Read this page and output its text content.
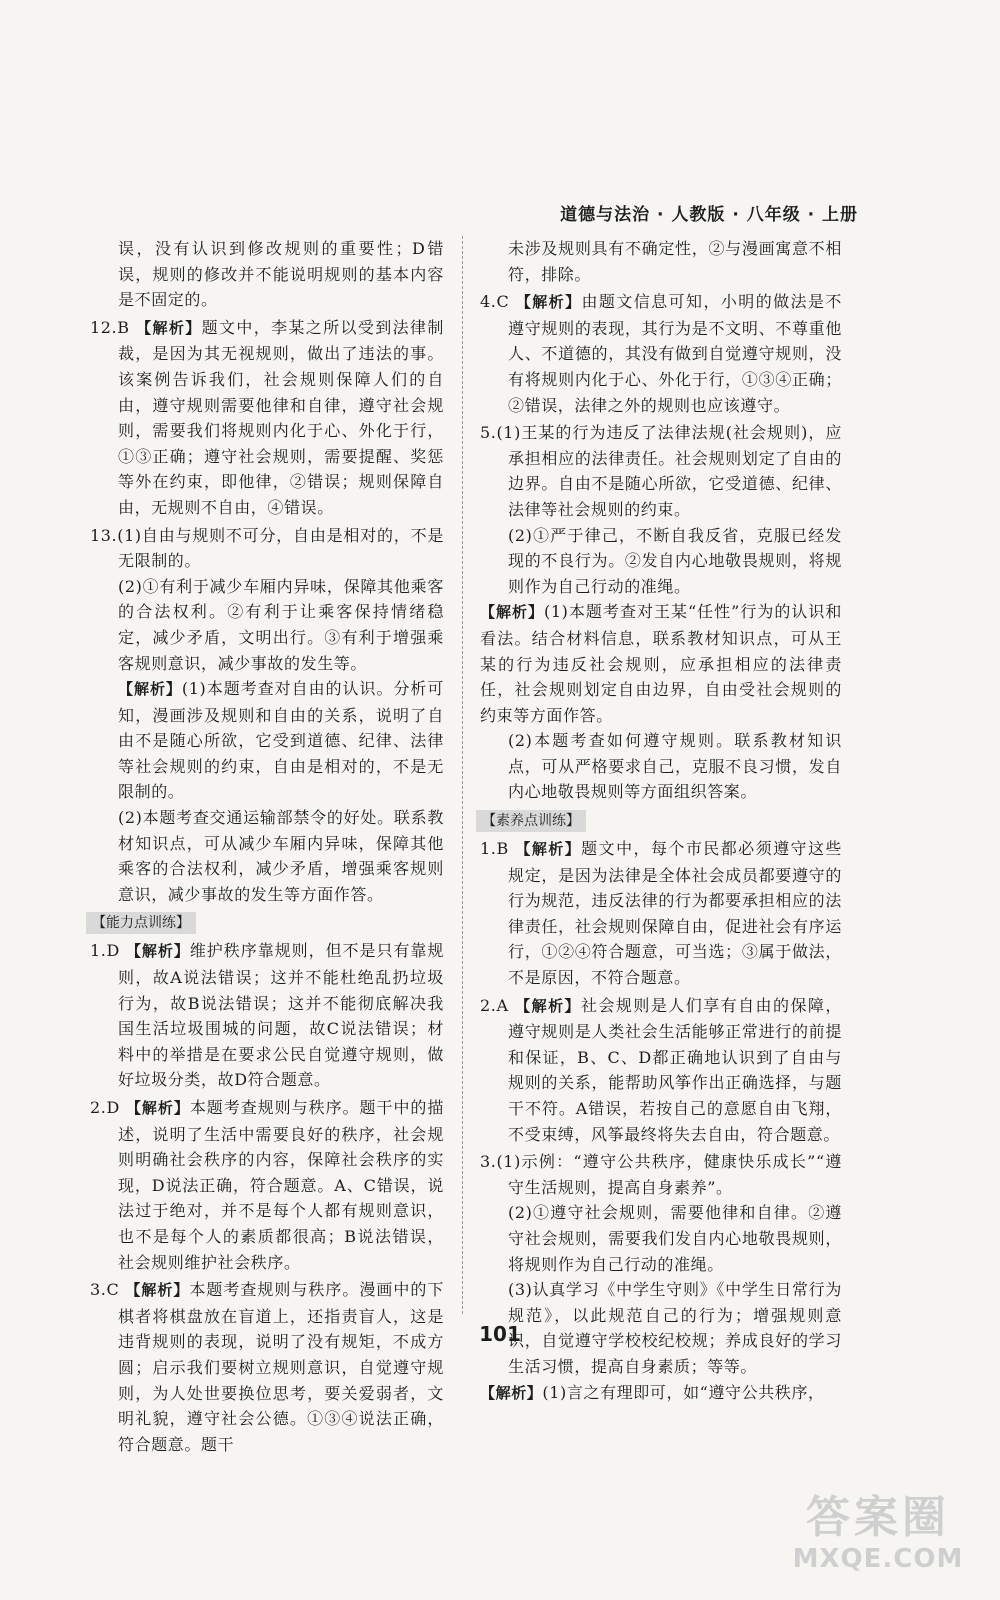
道德与法治 · 人教版 · 八年级 · 上册

误，没有认识到修改规则的重要性；D错误，规则的修改并不能说明规则的基本内容是不固定的。

12.B 【解析】题文中，李某之所以受到法律制裁，是因为其无视规则，做出了违法的事。该案例告诉我们，社会规则保障人们的自由，遵守规则需要他律和自律，遵守社会规则，需要我们将规则内化于心、外化于行，①③正确；遵守社会规则，需要提醒、奖惩等外在约束，即他律，②错误；规则保障自由，无规则不自由，④错误。

13.(1)自由与规则不可分，自由是相对的，不是无限制的。

(2)①有利于减少车厢内异味，保障其他乘客的合法权利。②有利于让乘客保持情绪稳定，减少矛盾，文明出行。③有利于增强乘客规则意识，减少事故的发生等。

【解析】(1)本题考查对自由的认识。分析可知，漫画涉及规则和自由的关系，说明了自由不是随心所欲，它受到道德、纪律、法律等社会规则的约束，自由是相对的，不是无限制的。

(2)本题考查交通运输部禁令的好处。联系教材知识点，可从减少车厢内异味，保障其他乘客的合法权利，减少矛盾，增强乘客规则意识，减少事故的发生等方面作答。

【能力点训练】

1.D 【解析】维护秩序靠规则，但不是只有靠规则，故A说法错误；这并不能杜绝乱扔垃圾行为，故B说法错误；这并不能彻底解决我国生活垃圾围城的问题，故C说法错误；材料中的举措是在要求公民自觉遵守规则，做好垃圾分类，故D符合题意。

2.D 【解析】本题考查规则与秩序。题干中的描述，说明了生活中需要良好的秩序，社会规则明确社会秩序的内容，保障社会秩序的实现，D说法正确，符合题意。A、C错误，说法过于绝对，并不是每个人都有规则意识，也不是每个人的素质都很高；B说法错误，社会规则维护社会秩序。

3.C 【解析】本题考查规则与秩序。漫画中的下棋者将棋盘放在盲道上，还指责盲人，这是违背规则的表现，说明了没有规矩，不成方圆；启示我们要树立规则意识，自觉遵守规则，为人处世要换位思考，要关爱弱者，文明礼貌，遵守社会公德。①③④说法正确，符合题意。题干

未涉及规则具有不确定性，②与漫画寓意不相符，排除。

4.C 【解析】由题文信息可知，小明的做法是不遵守规则的表现，其行为是不文明、不尊重他人、不道德的，其没有做到自觉遵守规则，没有将规则内化于心、外化于行，①③④正确；②错误，法律之外的规则也应该遵守。

5.(1)王某的行为违反了法律法规(社会规则)，应承担相应的法律责任。社会规则划定了自由的边界。自由不是随心所欲，它受道德、纪律、法律等社会规则的约束。

(2)①严于律己，不断自我反省，克服已经发现的不良行为。②发自内心地敬畏规则，将规则作为自己行动的准绳。

【解析】(1)本题考查对王某“任性”行为的认识和看法。结合材料信息，联系教材知识点，可从王某的行为违反社会规则，应承担相应的法律责任，社会规则划定自由边界，自由受社会规则的约束等方面作答。

(2)本题考查如何遵守规则。联系教材知识点，可从严格要求自己，克服不良习惯，发自内心地敬畏规则等方面组织答案。

【素养点训练】

1.B 【解析】题文中，每个市民都必须遵守这些规定，是因为法律是全体社会成员都要遵守的行为规范，违反法律的行为都要承担相应的法律责任，社会规则保障自由，促进社会有序运行，①②④符合题意，可当选；③属于做法，不是原因，不符合题意。

2.A 【解析】社会规则是人们享有自由的保障，遵守规则是人类社会生活能够正常进行的前提和保证，B、C、D都正确地认识到了自由与规则的关系，能帮助风筝作出正确选择，与题干不符。A错误，若按自己的意愿自由飞翔，不受束缚，风筝最终将失去自由，符合题意。

3.(1)示例：“遵守公共秩序，健康快乐成长”“遵守生活规则，提高自身素养”。

(2)①遵守社会规则，需要他律和自律。②遵守社会规则，需要我们发自内心地敬畏规则，将规则作为自己行动的准绳。

(3)认真学习《中学生守则》《中学生日常行为规范》，以此规范自己的行为；增强规则意识，自觉遵守学校校纪校规；养成良好的学习生活习惯，提高自身素质；等等。

【解析】(1)言之有理即可，如“遵守公共秩序，

101
答案圈
MXQE.COM
